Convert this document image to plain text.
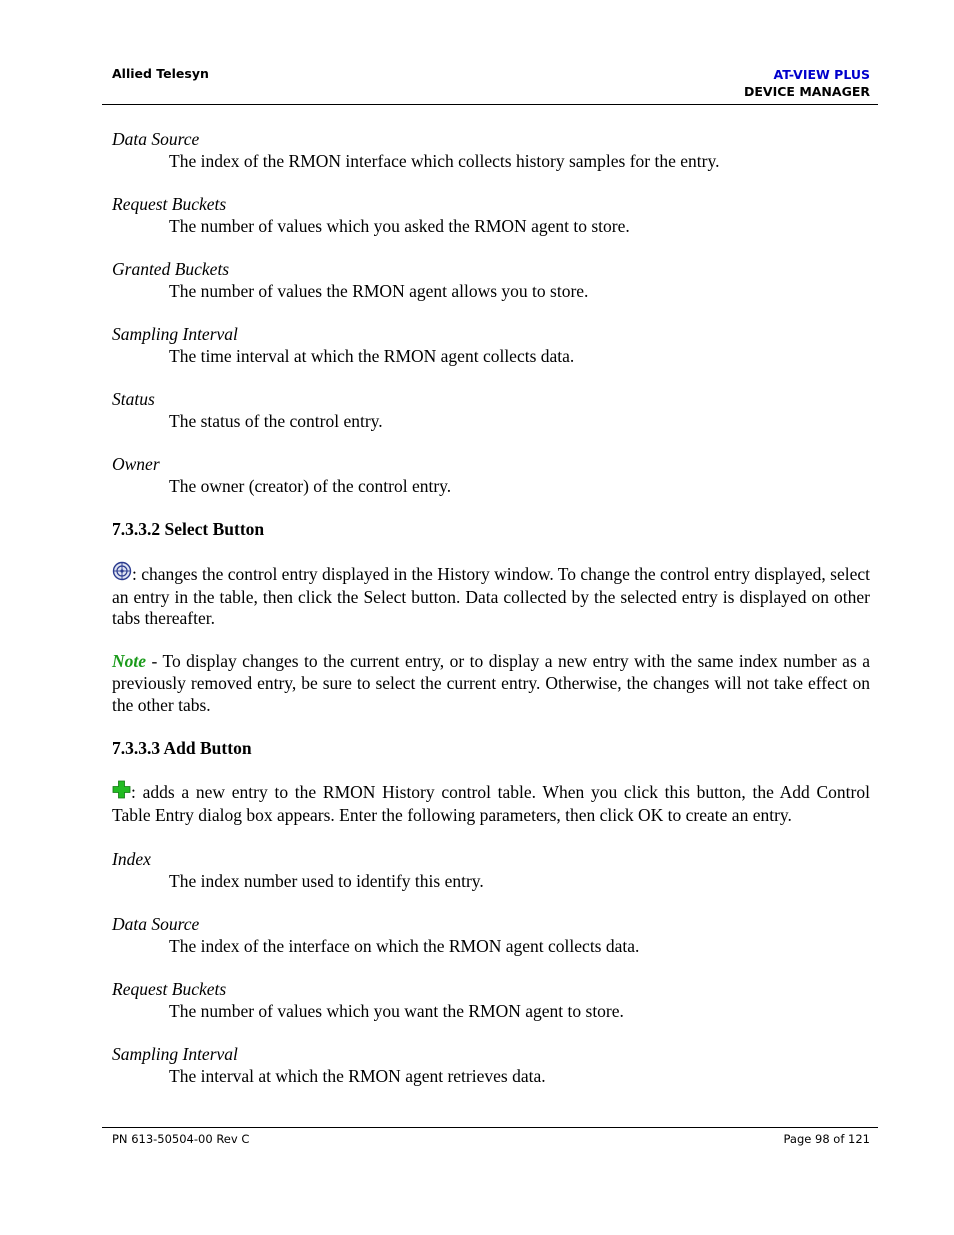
Allied Telesyn	AT-VIEW PLUS
DEVICE MANAGER
Data Source
The index of the RMON interface which collects history samples for the entry.
Request Buckets
The number of values which you asked the RMON agent to store.
Granted Buckets
The number of values the RMON agent allows you to store.
Sampling Interval
The time interval at which the RMON agent collects data.
Status
The status of the control entry.
Owner
The owner (creator) of the control entry.
7.3.3.2 Select Button
: changes the control entry displayed in the History window. To change the control entry displayed, select an entry in the table, then click the Select button. Data collected by the selected entry is displayed on other tabs thereafter.
Note - To display changes to the current entry, or to display a new entry with the same index number as a previously removed entry, be sure to select the current entry. Otherwise, the changes will not take effect on the other tabs.
7.3.3.3 Add Button
: adds a new entry to the RMON History control table. When you click this button, the Add Control Table Entry dialog box appears. Enter the following parameters, then click OK to create an entry.
Index
The index number used to identify this entry.
Data Source
The index of the interface on which the RMON agent collects data.
Request Buckets
The number of values which you want the RMON agent to store.
Sampling Interval
The interval at which the RMON agent retrieves data.
PN 613-50504-00 Rev C	Page 98 of 121
